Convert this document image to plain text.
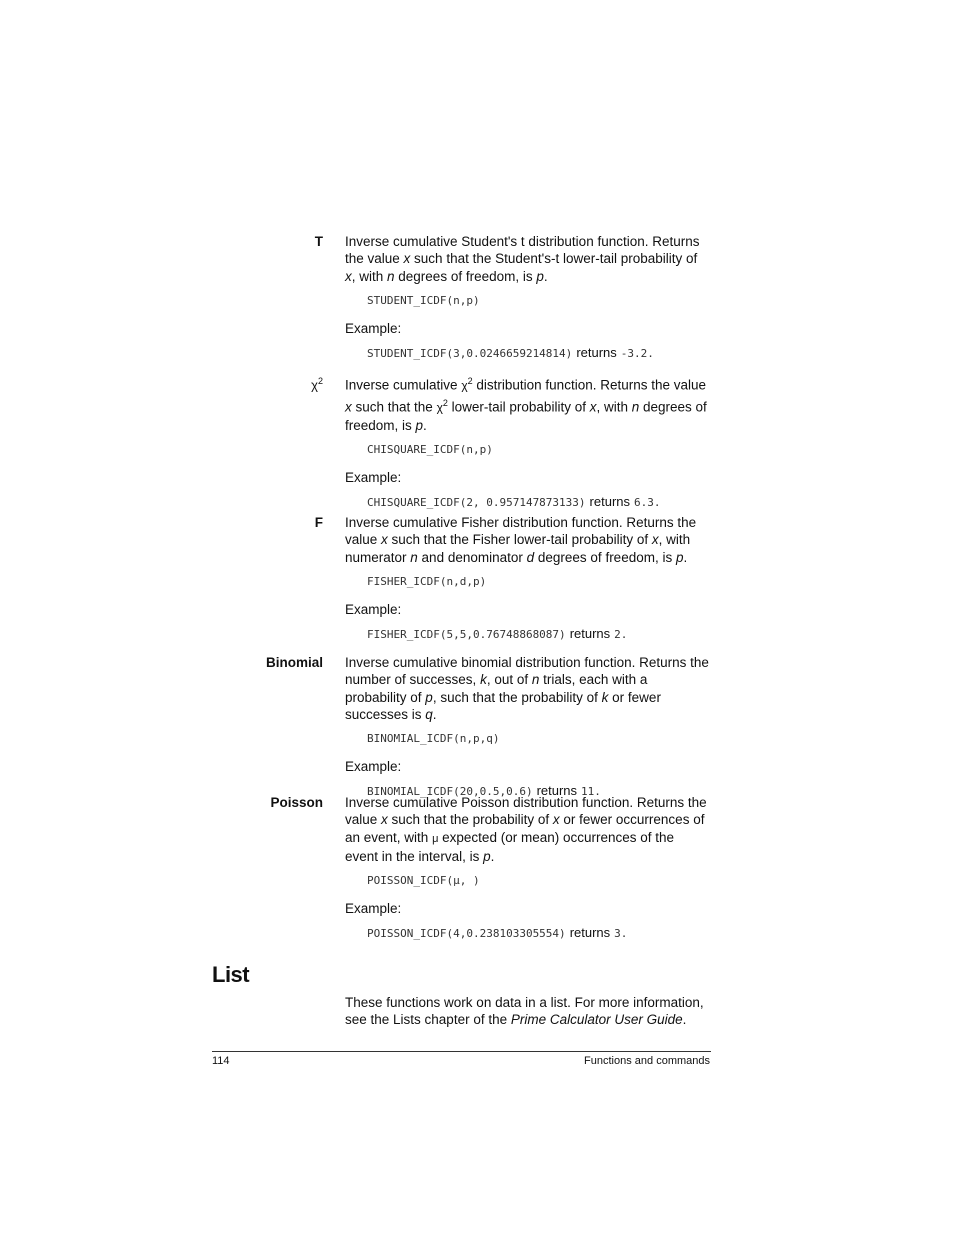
T Inverse cumulative Student's t distribution function. Returns the value x such that the Student's-t lower-tail probability of x, with n degrees of freedom, is p.
STUDENT_ICDF(n,p)
Example:
STUDENT_ICDF(3,0.0246659214814) returns -3.2.
$\chi^2$ Inverse cumulative $\chi^2$ distribution function. Returns the value x such that the $\chi^2$ lower-tail probability of x, with n degrees of freedom, is p.
CHISQUARE_ICDF(n,p)
Example:
CHISQUARE_ICDF(2, 0.957147873133) returns 6.3.
F Inverse cumulative Fisher distribution function. Returns the value x such that the Fisher lower-tail probability of x, with numerator n and denominator d degrees of freedom, is p.
FISHER_ICDF(n,d,p)
Example:
FISHER_ICDF(5,5,0.76748868087) returns 2.
Binomial Inverse cumulative binomial distribution function. Returns the number of successes, k, out of n trials, each with a probability of p, such that the probability of k or fewer successes is q.
BINOMIAL_ICDF(n,p,q)
Example:
BINOMIAL_ICDF(20,0.5,0.6) returns 11.
Poisson Inverse cumulative Poisson distribution function. Returns the value x such that the probability of x or fewer occurrences of an event, with μ expected (or mean) occurrences of the event in the interval, is p.
POISSON_ICDF(μ, )
Example:
POISSON_ICDF(4,0.238103305554) returns 3.
List
These functions work on data in a list. For more information, see the Lists chapter of the Prime Calculator User Guide.
114	Functions and commands
